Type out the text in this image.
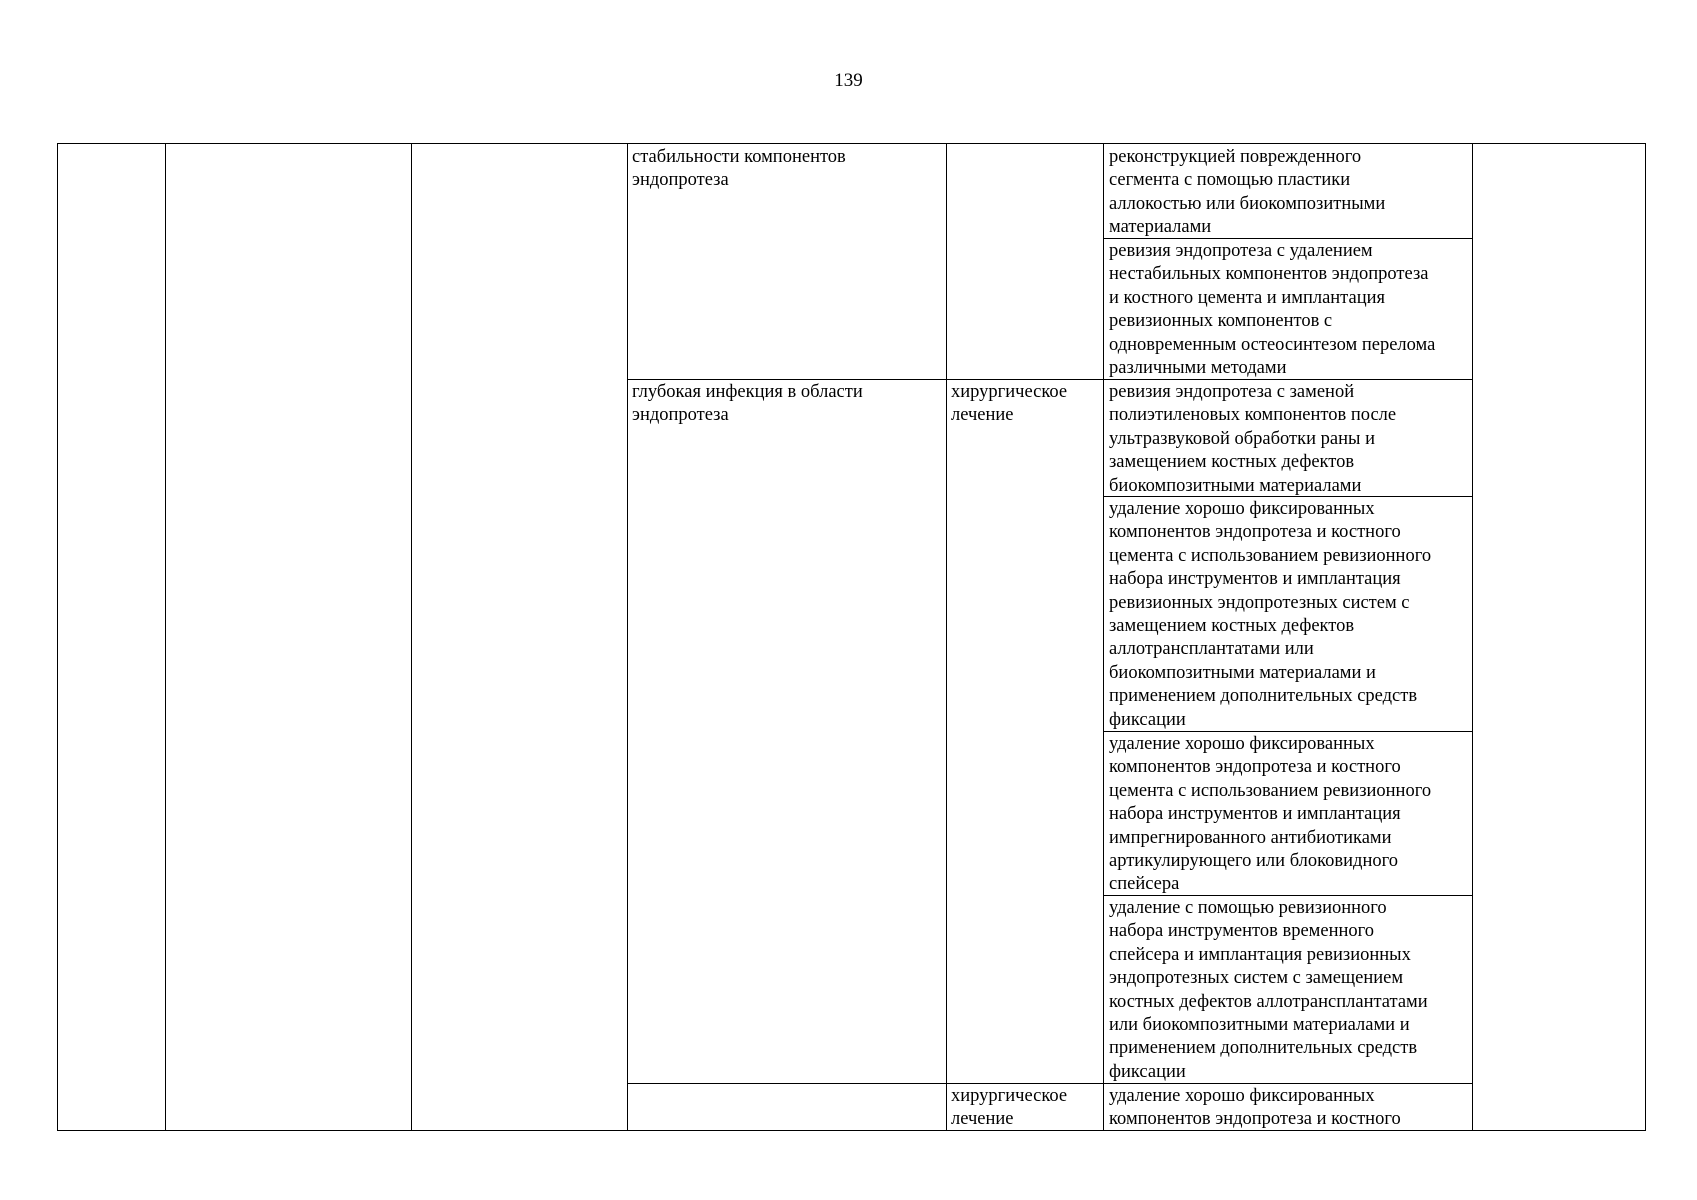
139
стабильности компонентов
эндопротеза
реконструкцией поврежденного
сегмента с помощью пластики
аллокостью или биокомпозитными
материалами
ревизия эндопротеза с удалением
нестабильных компонентов эндопротеза
и костного цемента и имплантация
ревизионных компонентов с
одновременным остеосинтезом перелома
различными методами
глубокая инфекция в области
эндопротеза
хирургическое
лечение
ревизия эндопротеза с заменой
полиэтиленовых компонентов после
ультразвуковой обработки раны и
замещением костных дефектов
биокомпозитными материалами
удаление хорошо фиксированных
компонентов эндопротеза и костного
цемента с использованием ревизионного
набора инструментов и имплантация
ревизионных эндопротезных систем с
замещением костных дефектов
аллотрансплантатами или
биокомпозитными материалами и
применением дополнительных средств
фиксации
удаление хорошо фиксированных
компонентов эндопротеза и костного
цемента с использованием ревизионного
набора инструментов и имплантация
импрегнированного антибиотиками
артикулирующего или блоковидного
спейсера
удаление с помощью ревизионного
набора инструментов временного
спейсера и имплантация ревизионных
эндопротезных систем с замещением
костных дефектов аллотрансплантатами
или биокомпозитными материалами и
применением дополнительных средств
фиксации
хирургическое
лечение
удаление хорошо фиксированных
компонентов эндопротеза и костного
